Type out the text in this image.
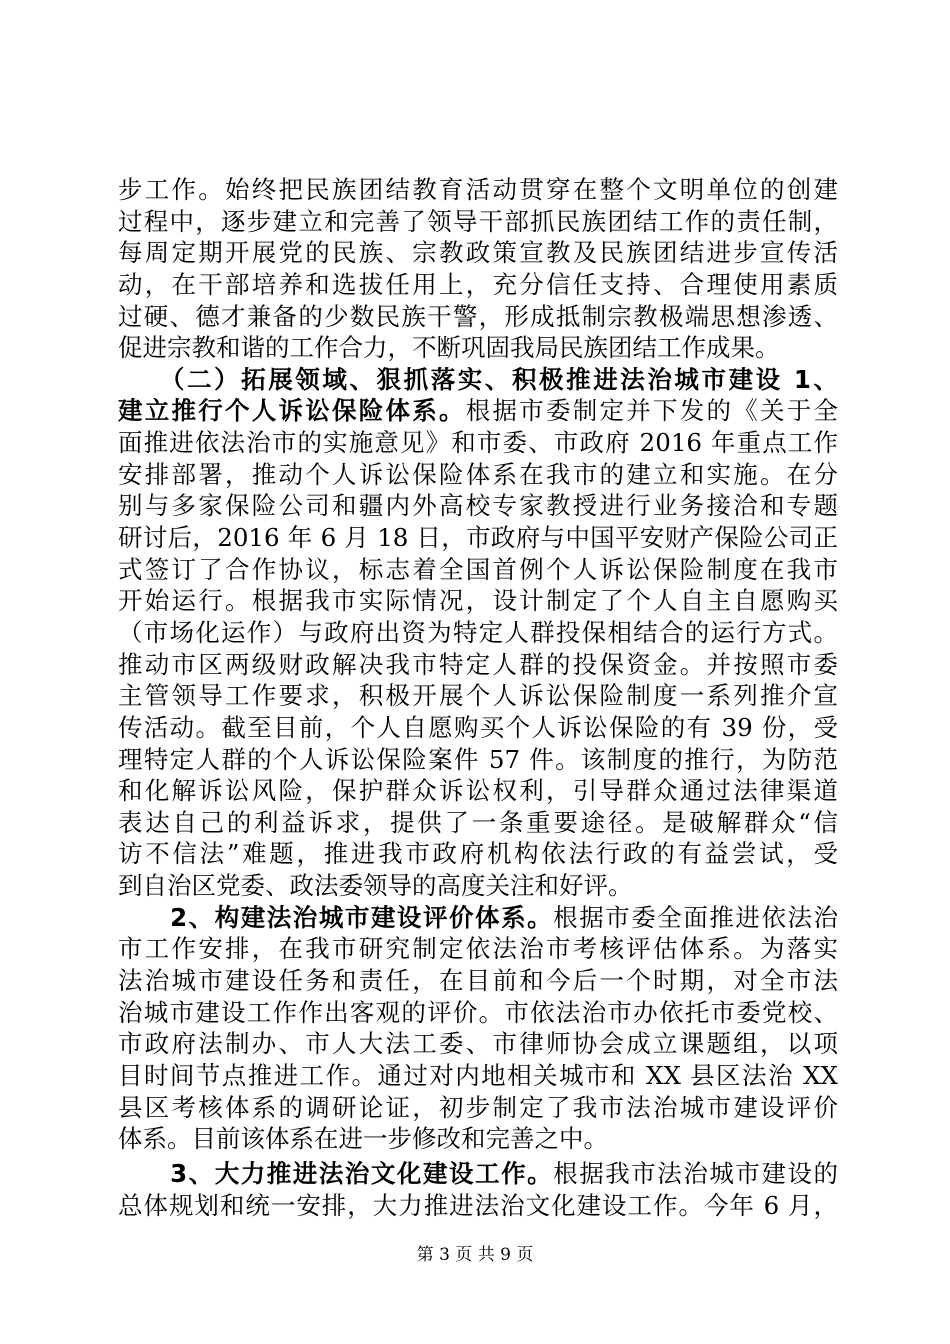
步工作。始终把民族团结教育活动贯穿在整个文明单位的创建
过程中，逐步建立和完善了领导干部抓民族团结工作的责任制，
每周定期开展党的民族、宗教政策宣教及民族团结进步宣传活
动，在干部培养和选拔任用上，充分信任支持、合理使用素质
过硬、德才兼备的少数民族干警，形成抵制宗教极端思想渗透、
促进宗教和谐的工作合力，不断巩固我局民族团结工作成果。
　　（二）拓展领域、狠抓落实、积极推进法治城市建设 1、
建立推行个人诉讼保险体系。根据市委制定并下发的《关于全
面推进依法治市的实施意见》和市委、市政府 2016 年重点工作
安排部署，推动个人诉讼保险体系在我市的建立和实施。在分
别与多家保险公司和疆内外高校专家教授进行业务接洽和专题
研讨后，2016 年 6 月 18 日，市政府与中国平安财产保险公司正
式签订了合作协议，标志着全国首例个人诉讼保险制度在我市
开始运行。根据我市实际情况，设计制定了个人自主自愿购买
（市场化运作）与政府出资为特定人群投保相结合的运行方式。
推动市区两级财政解决我市特定人群的投保资金。并按照市委
主管领导工作要求，积极开展个人诉讼保险制度一系列推介宣
传活动。截至目前，个人自愿购买个人诉讼保险的有 39 份，受
理特定人群的个人诉讼保险案件 57 件。该制度的推行，为防范
和化解诉讼风险，保护群众诉讼权利，引导群众通过法律渠道
表达自己的利益诉求，提供了一条重要途径。是破解群众“信
访不信法”难题，推进我市政府机构依法行政的有益尝试，受
到自治区党委、政法委领导的高度关注和好评。
　　2、构建法治城市建设评价体系。根据市委全面推进依法治
市工作安排，在我市研究制定依法治市考核评估体系。为落实
法治城市建设任务和责任，在目前和今后一个时期，对全市法
治城市建设工作作出客观的评价。市依法治市办依托市委党校、
市政府法制办、市人大法工委、市律师协会成立课题组，以项
目时间节点推进工作。通过对内地相关城市和 XX 县区法治 XX
县区考核体系的调研论证，初步制定了我市法治城市建设评价
体系。目前该体系在进一步修改和完善之中。
　　3、大力推进法治文化建设工作。根据我市法治城市建设的
总体规划和统一安排，大力推进法治文化建设工作。今年 6 月，
第 3 页 共 9 页
